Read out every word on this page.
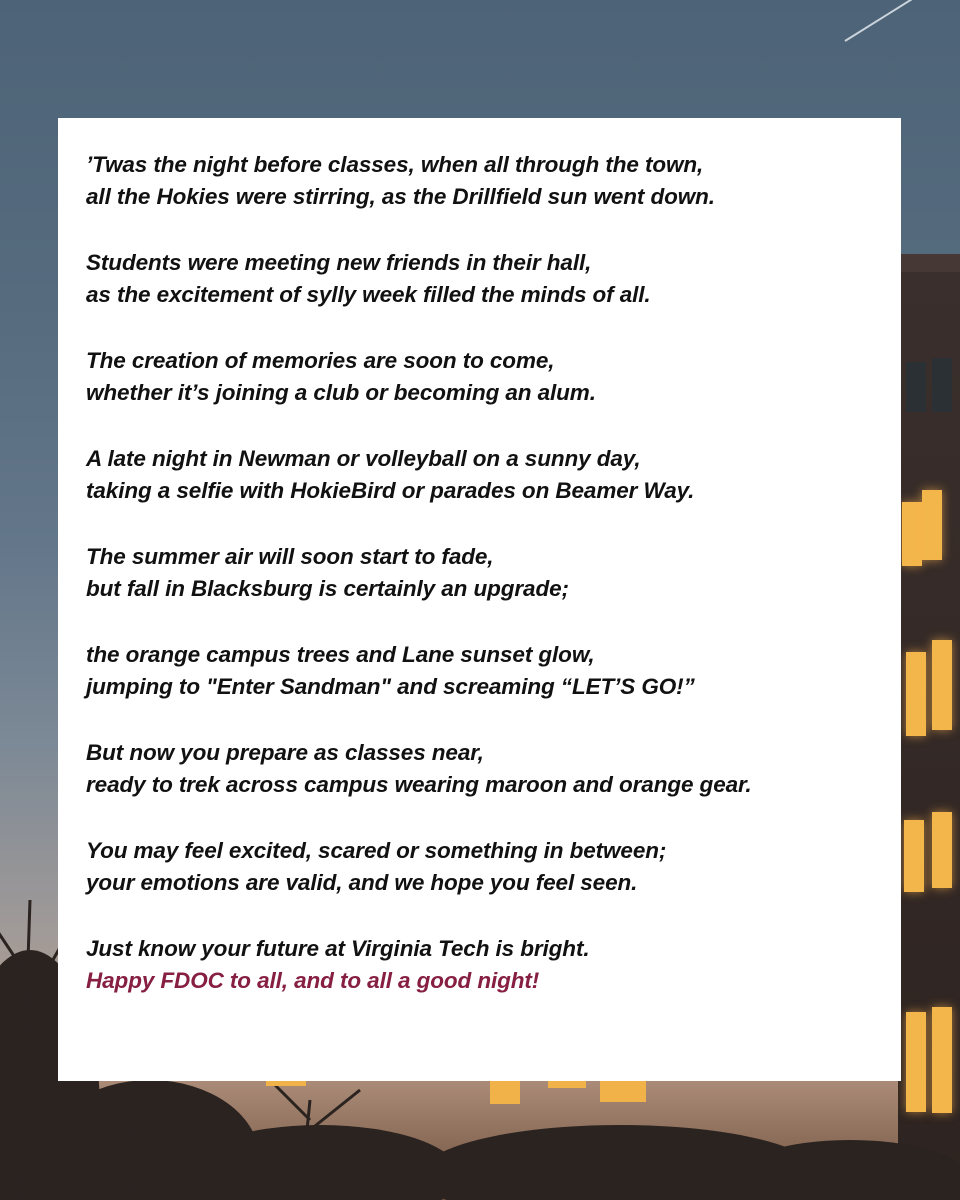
’Twas the night before classes, when all through the town,
all the Hokies were stirring, as the Drillfield sun went down.
Students were meeting new friends in their hall,
as the excitement of sylly week filled the minds of all.
The creation of memories are soon to come,
whether it’s joining a club or becoming an alum.
A late night in Newman or volleyball on a sunny day,
taking a selfie with HokieBird or parades on Beamer Way.
The summer air will soon start to fade,
but fall in Blacksburg is certainly an upgrade;
the orange campus trees and Lane sunset glow,
jumping to "Enter Sandman" and screaming “LET’S GO!”
But now you prepare as classes near,
ready to trek across campus wearing maroon and orange gear.
You may feel excited, scared or something in between;
your emotions are valid, and we hope you feel seen.
Just know your future at Virginia Tech is bright.
Happy FDOC to all, and to all a good night!
